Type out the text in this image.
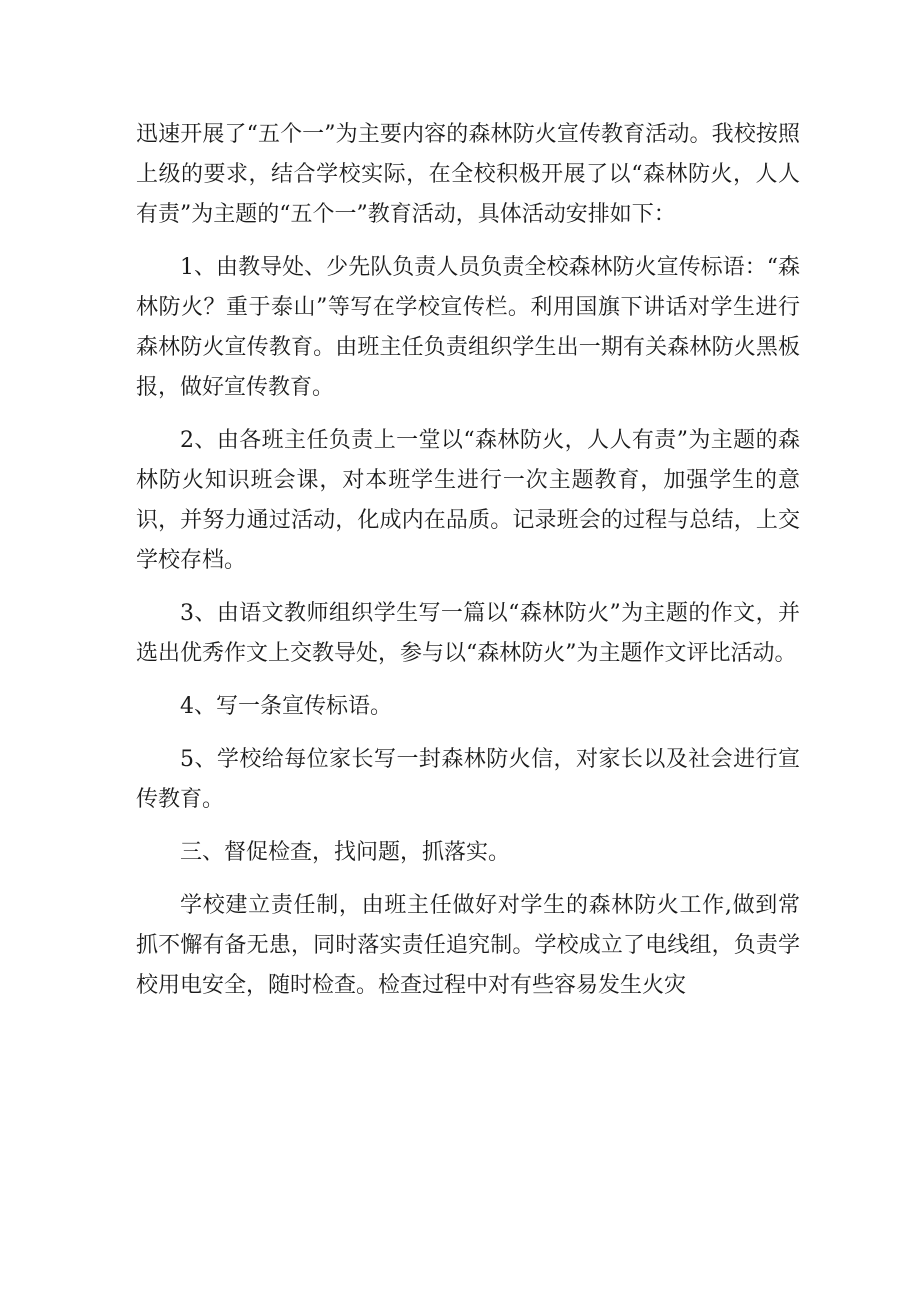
迅速开展了“五个一”为主要内容的森林防火宣传教育活动。我校按照上级的要求，结合学校实际，在全校积极开展了以“森林防火，人人有责”为主题的“五个一”教育活动，具体活动安排如下：

1、由教导处、少先队负责人员负责全校森林防火宣传标语：“森林防火？重于泰山”等写在学校宣传栏。利用国旗下讲话对学生进行森林防火宣传教育。由班主任负责组织学生出一期有关森林防火黑板报，做好宣传教育。

2、由各班主任负责上一堂以“森林防火，人人有责”为主题的森林防火知识班会课，对本班学生进行一次主题教育，加强学生的意识，并努力通过活动，化成内在品质。记录班会的过程与总结，上交学校存档。

3、由语文教师组织学生写一篇以“森林防火”为主题的作文，并选出优秀作文上交教导处，参与以“森林防火”为主题作文评比活动。

4、写一条宣传标语。

5、学校给每位家长写一封森林防火信，对家长以及社会进行宣传教育。

三、督促检查，找问题，抓落实。

学校建立责任制，由班主任做好对学生的森林防火工作,做到常抓不懈有备无患，同时落实责任追究制。学校成立了电线组，负责学校用电安全，随时检查。检查过程中对有些容易发生火灾
